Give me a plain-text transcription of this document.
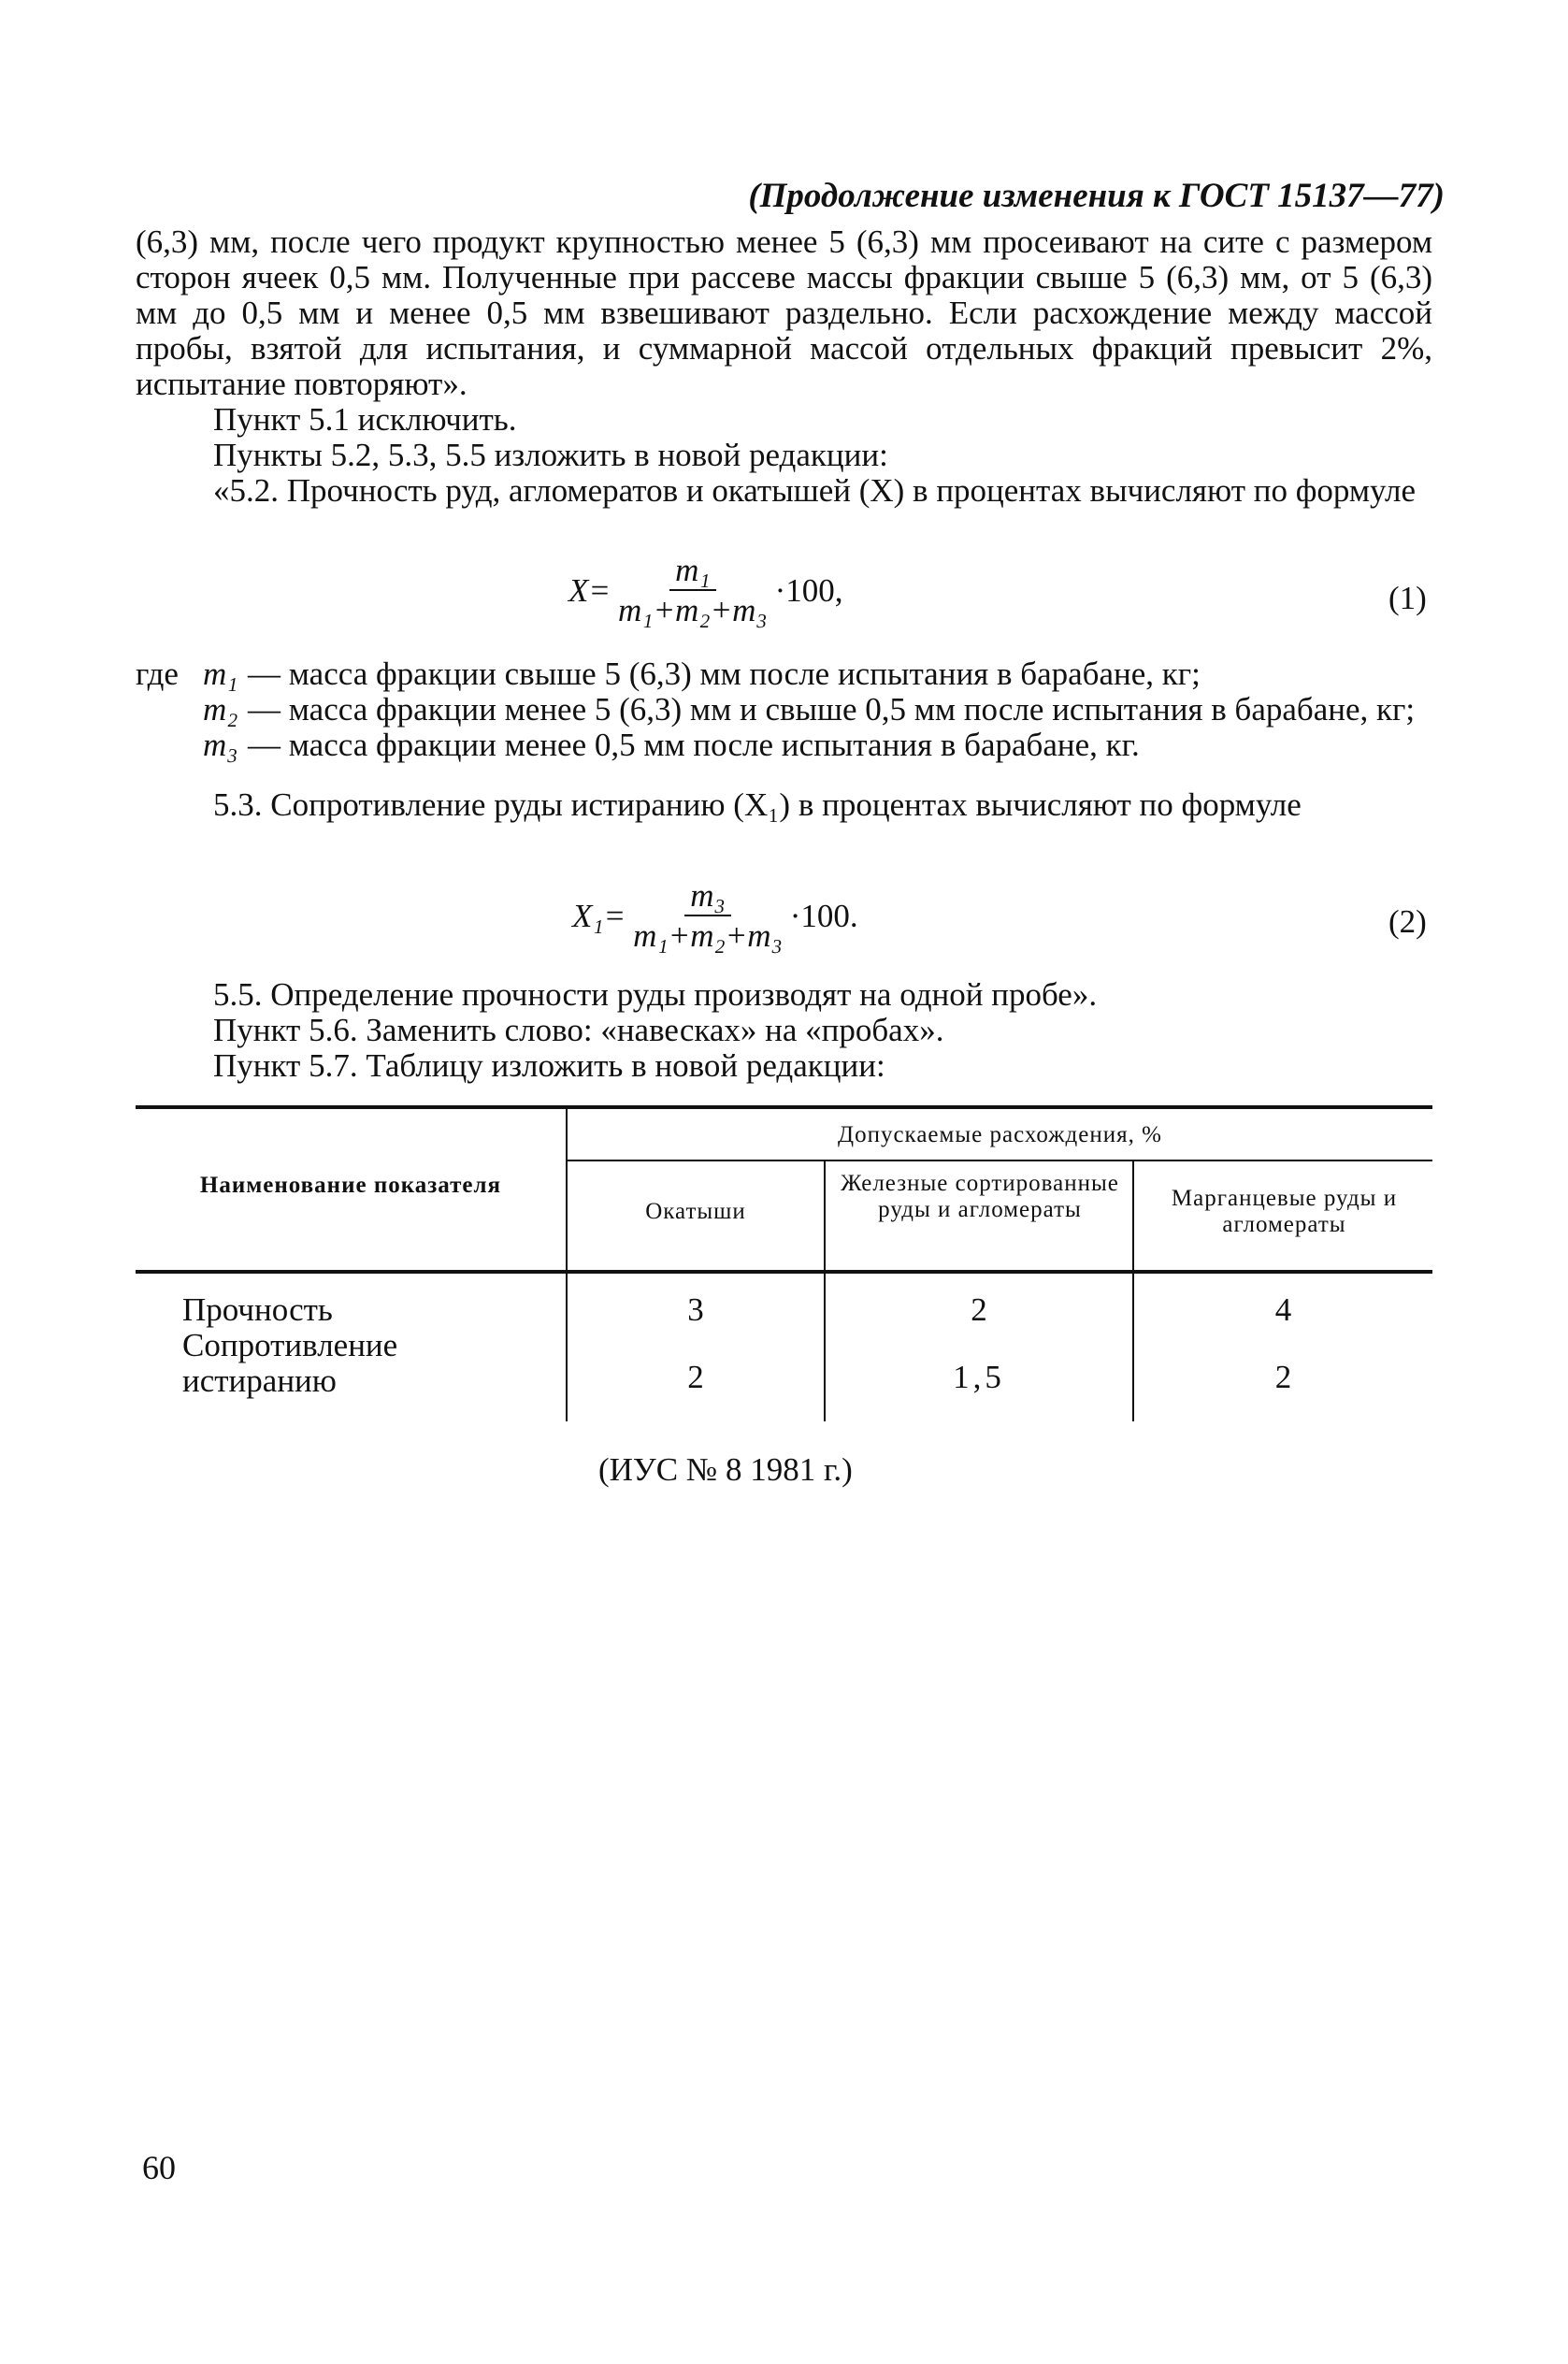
(Продолжение изменения к ГОСТ 15137—77)

(6,3) мм, после чего продукт крупностью менее 5 (6,3) мм просеивают на сите с размером сторон ячеек 0,5 мм. Полученные при рассеве массы фракции свыше 5 (6,3) мм, от 5 (6,3) мм до 0,5 мм и менее 0,5 мм взвешивают раздельно. Если расхождение между массой пробы, взятой для испытания, и суммарной массой отдельных фракций превысит 2%, испытание повторяют».

Пункт 5.1 исключить.

Пункты 5.2, 5.3, 5.5 изложить в новой редакции:

«5.2. Прочность руд, агломератов и окатышей (X) в процентах вычисляют по формуле

$X= \frac{\text{m₁}}{\text{m₁+m₂+m₃}} \cdot 100$,	(1)
где m₁ — масса фракции свыше 5 (6,3) мм после испытания в барабане, кг;
m₂ — масса фракции менее 5 (6,3) мм и свыше 0,5 мм после испытания в барабане, кг;
m₃ — масса фракции менее 0,5 мм после испытания в барабане, кг.

5.3. Сопротивление руды истиранию (X₁) в процентах вычисляют по формуле

$X_1= \frac{\text{m₃}}{\text{m₁+m₂+m₃}} \cdot 100$.	(2)

5.5. Определение прочности руды производят на одной пробе».

Пункт 5.6. Заменить слово: «навесках» на «пробах».

Пункт 5.7. Таблицу изложить в новой редакции:

Наименование показателя
Допускаемые расхождения, %
Окатыши
Железные сортированные руды и агломераты	Марганцевые руды и агломераты
Прочность	3	2	4
Сопротивление истиранию	2	1,5	2
(ИУС № 8 1981 г.)
60
